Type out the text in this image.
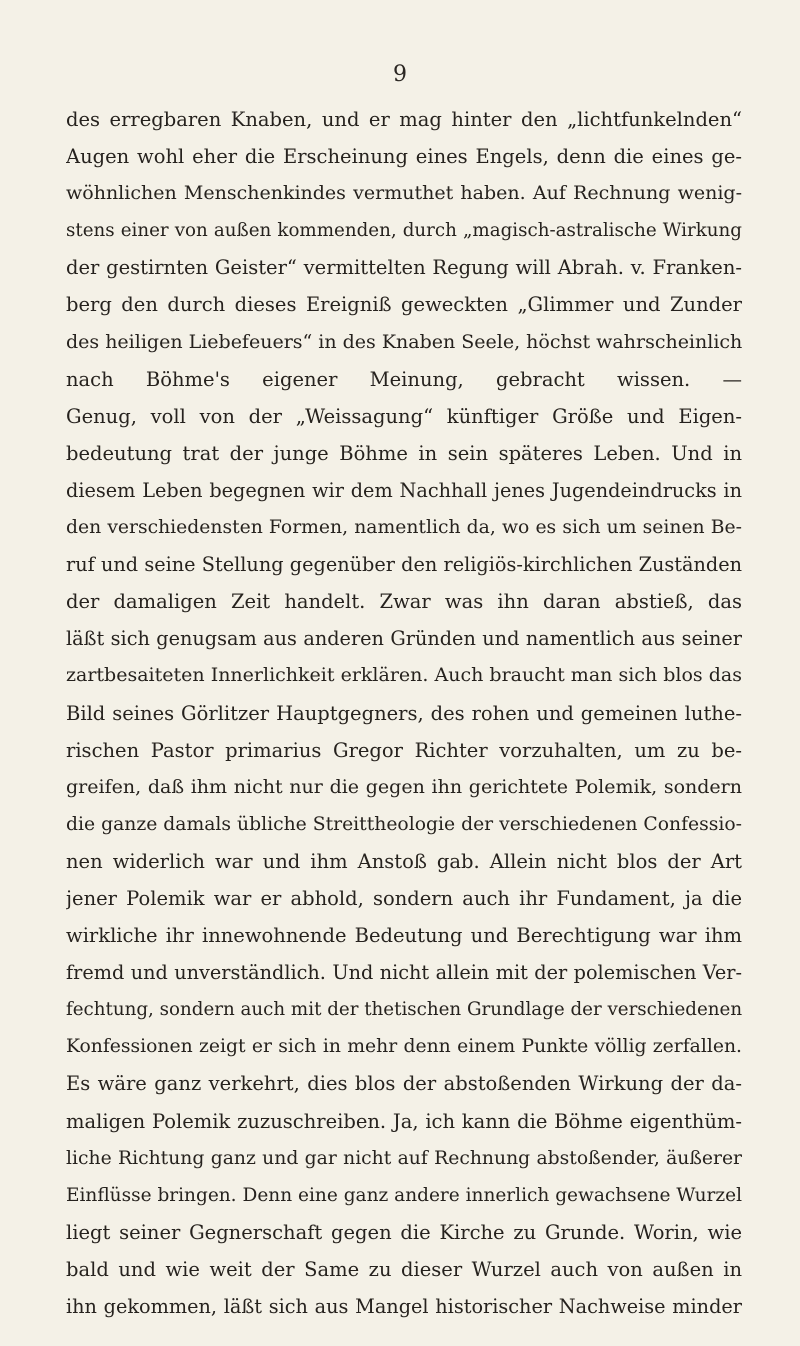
9
des erregbaren Knaben, und er mag hinter den „lichtfunkelnden“
Augen wohl eher die Erscheinung eines Engels, denn die eines ge-
wöhnlichen Menschenkindes vermuthet haben. Auf Rechnung wenig-
stens einer von außen kommenden, durch „magisch-astralische Wirkung
der gestirnten Geister“ vermittelten Regung will Abrah. v. Franken-
berg den durch dieses Ereigniß geweckten „Glimmer und Zunder
des heiligen Liebefeuers“ in des Knaben Seele, höchst wahrscheinlich
nach Böhme's eigener Meinung, gebracht wissen. —
Genug, voll von der „Weissagung“ künftiger Größe und Eigen-
bedeutung trat der junge Böhme in sein späteres Leben. Und in
diesem Leben begegnen wir dem Nachhall jenes Jugendeindrucks in
den verschiedensten Formen, namentlich da, wo es sich um seinen Be-
ruf und seine Stellung gegenüber den religiös-kirchlichen Zuständen
der damaligen Zeit handelt. Zwar was ihn daran abstieß, das
läßt sich genugsam aus anderen Gründen und namentlich aus seiner
zartbesaiteten Innerlichkeit erklären. Auch braucht man sich blos das
Bild seines Görlitzer Hauptgegners, des rohen und gemeinen luthe-
rischen Pastor primarius Gregor Richter vorzuhalten, um zu be-
greifen, daß ihm nicht nur die gegen ihn gerichtete Polemik, sondern
die ganze damals übliche Streittheologie der verschiedenen Confessio-
nen widerlich war und ihm Anstoß gab. Allein nicht blos der Art
jener Polemik war er abhold, sondern auch ihr Fundament, ja die
wirkliche ihr innewohnende Bedeutung und Berechtigung war ihm
fremd und unverständlich. Und nicht allein mit der polemischen Ver-
fechtung, sondern auch mit der thetischen Grundlage der verschiedenen
Konfessionen zeigt er sich in mehr denn einem Punkte völlig zerfallen.
Es wäre ganz verkehrt, dies blos der abstoßenden Wirkung der da-
maligen Polemik zuzuschreiben. Ja, ich kann die Böhme eigenthüm-
liche Richtung ganz und gar nicht auf Rechnung abstoßender, äußerer
Einflüsse bringen. Denn eine ganz andere innerlich gewachsene Wurzel
liegt seiner Gegnerschaft gegen die Kirche zu Grunde. Worin, wie
bald und wie weit der Same zu dieser Wurzel auch von außen in
ihn gekommen, läßt sich aus Mangel historischer Nachweise minder
